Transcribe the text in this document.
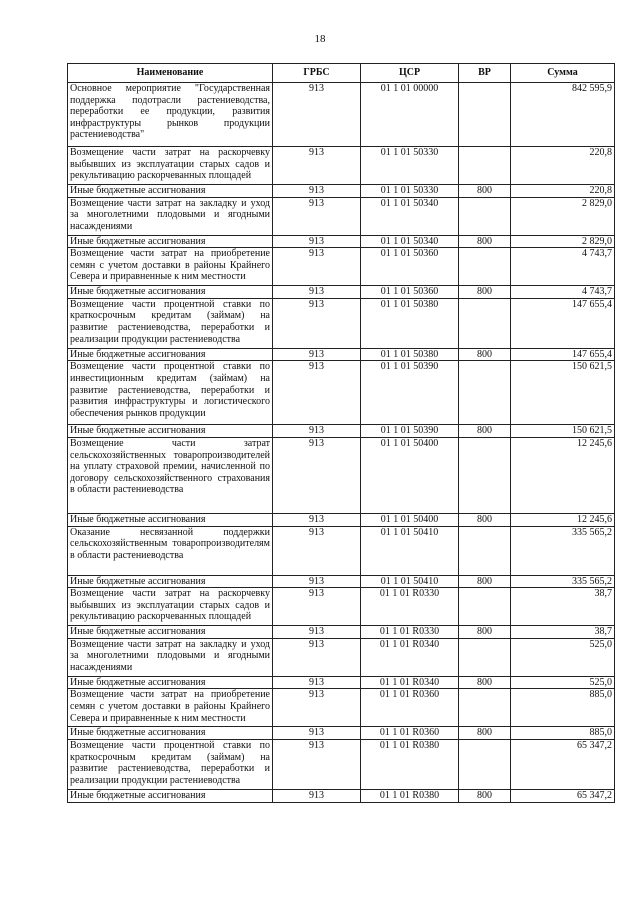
18
Наименование	ГРБС	ЦСР	ВР	Сумма
Основное мероприятие "Государственная поддержка подотрасли растениеводства, переработки ее продукции, развития инфраструктуры рынков продукции растениеводства"	913	01 1 01 00000		842 595,9
Возмещение части затрат на раскорчевку выбывших из эксплуатации старых садов и рекультивацию раскорчеванных площадей	913	01 1 01 50330		220,8
Иные бюджетные ассигнования	913	01 1 01 50330	800	220,8
Возмещение части затрат на закладку и уход за многолетними плодовыми и ягодными насаждениями	913	01 1 01 50340		2 829,0
Иные бюджетные ассигнования	913	01 1 01 50340	800	2 829,0
Возмещение части затрат на приобретение семян с учетом доставки в районы Крайнего Севера и приравненные к ним местности	913	01 1 01 50360		4 743,7
Иные бюджетные ассигнования	913	01 1 01 50360	800	4 743,7
Возмещение части процентной ставки по краткосрочным кредитам (займам) на развитие растениеводства, переработки и реализации продукции растениеводства	913	01 1 01 50380		147 655,4
Иные бюджетные ассигнования	913	01 1 01 50380	800	147 655,4
Возмещение части процентной ставки по инвестиционным кредитам (займам) на развитие растениеводства, переработки и развития инфраструктуры и логистического обеспечения рынков продукции	913	01 1 01 50390		150 621,5
Иные бюджетные ассигнования	913	01 1 01 50390	800	150 621,5
Возмещение части затрат сельскохозяйственных товаропроизводителей на уплату страховой премии, начисленной по договору сельскохозяйственного страхования в области растениеводства	913	01 1 01 50400		12 245,6
Иные бюджетные ассигнования	913	01 1 01 50400	800	12 245,6
Оказание несвязанной поддержки сельскохозяйственным товаропроизводителям в области растениеводства	913	01 1 01 50410		335 565,2
Иные бюджетные ассигнования	913	01 1 01 50410	800	335 565,2
Возмещение части затрат на раскорчевку выбывших из эксплуатации старых садов и рекультивацию раскорчеванных площадей	913	01 1 01 R0330		38,7
Иные бюджетные ассигнования	913	01 1 01 R0330	800	38,7
Возмещение части затрат на закладку и уход за многолетними плодовыми и ягодными насаждениями	913	01 1 01 R0340		525,0
Иные бюджетные ассигнования	913	01 1 01 R0340	800	525,0
Возмещение части затрат на приобретение семян с учетом доставки в районы Крайнего Севера и приравненные к ним местности	913	01 1 01 R0360		885,0
Иные бюджетные ассигнования	913	01 1 01 R0360	800	885,0
Возмещение части процентной ставки по краткосрочным кредитам (займам) на развитие растениеводства, переработки и реализации продукции растениеводства	913	01 1 01 R0380		65 347,2
Иные бюджетные ассигнования	913	01 1 01 R0380	800	65 347,2
